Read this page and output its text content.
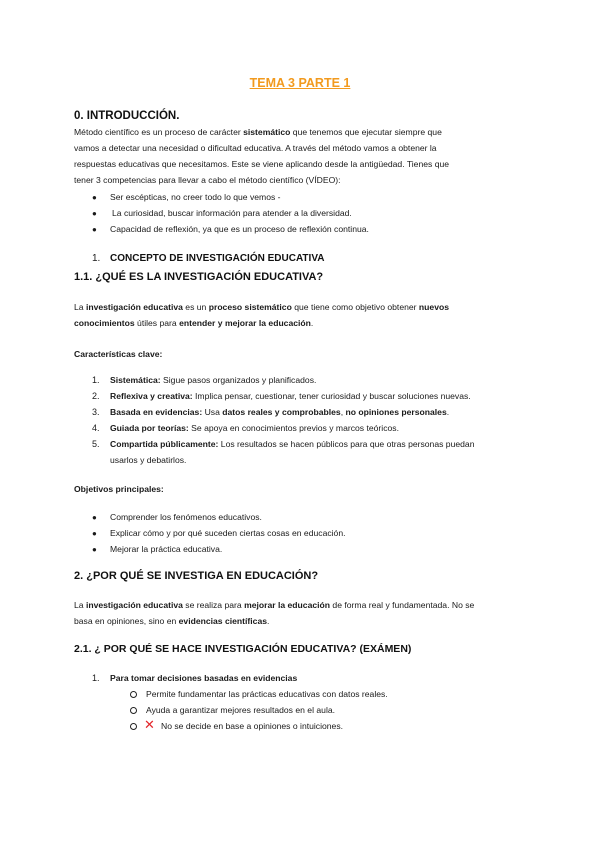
TEMA 3 PARTE 1
0. INTRODUCCIÓN.
Método científico es un proceso de carácter sistemático que tenemos que ejecutar siempre que
vamos a detectar una necesidad o dificultad educativa. A través del método vamos a obtener la
respuestas educativas que necesitamos. Este se viene aplicando desde la antigüedad. Tienes que
tener 3 competencias para llevar a cabo el método científico (VÍDEO):
● Ser escépticas, no creer todo lo que vemos -
● La curiosidad, buscar información para atender a la diversidad.
● Capacidad de reflexión, ya que es un proceso de reflexión continua.
1. CONCEPTO DE INVESTIGACIÓN EDUCATIVA
1.1. ¿QUÉ ES LA INVESTIGACIÓN EDUCATIVA?
La investigación educativa es un proceso sistemático que tiene como objetivo obtener nuevos
conocimientos útiles para entender y mejorar la educación.
Características clave:
1. Sistemática: Sigue pasos organizados y planificados.
2. Reflexiva y creativa: Implica pensar, cuestionar, tener curiosidad y buscar soluciones nuevas.
3. Basada en evidencias: Usa datos reales y comprobables, no opiniones personales.
4. Guiada por teorías: Se apoya en conocimientos previos y marcos teóricos.
5. Compartida públicamente: Los resultados se hacen públicos para que otras personas puedan
usarlos y debatirlos.
Objetivos principales:
● Comprender los fenómenos educativos.
● Explicar cómo y por qué suceden ciertas cosas en educación.
● Mejorar la práctica educativa.
2. ¿POR QUÉ SE INVESTIGA EN EDUCACIÓN?
La investigación educativa se realiza para mejorar la educación de forma real y fundamentada. No se
basa en opiniones, sino en evidencias científicas.
2.1. ¿ POR QUÉ SE HACE INVESTIGACIÓN EDUCATIVA? (EXÁMEN)
1. Para tomar decisiones basadas en evidencias
Permite fundamentar las prácticas educativas con datos reales.
Ayuda a garantizar mejores resultados en el aula.
✕ No se decide en base a opiniones o intuiciones.
